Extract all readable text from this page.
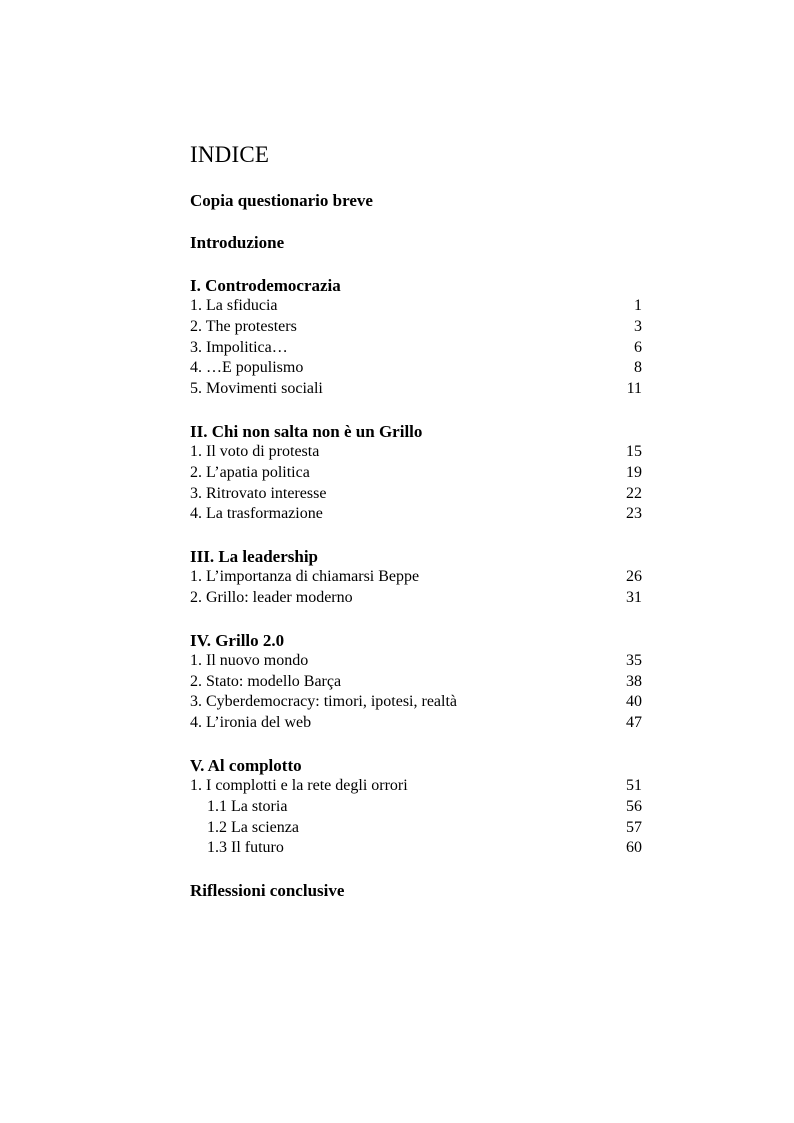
INDICE
Copia questionario breve
Introduzione
I. Controdemocrazia
1. La sfiducia	1
2. The protesters	3
3. Impolitica…	6
4. …E populismo	8
5. Movimenti sociali	11
II. Chi non salta non è un Grillo
1. Il voto di protesta	15
2. L’apatia politica	19
3. Ritrovato interesse	22
4. La trasformazione	23
III. La leadership
1. L’importanza di chiamarsi Beppe	26
2. Grillo: leader moderno	31
IV. Grillo 2.0
1. Il nuovo mondo	35
2. Stato: modello Barça	38
3. Cyberdemocracy: timori, ipotesi, realtà	40
4. L’ironia del web	47
V. Al complotto
1. I complotti e la rete degli orrori	51
1.1 La storia	56
1.2 La scienza	57
1.3 Il futuro	60
Riflessioni conclusive
